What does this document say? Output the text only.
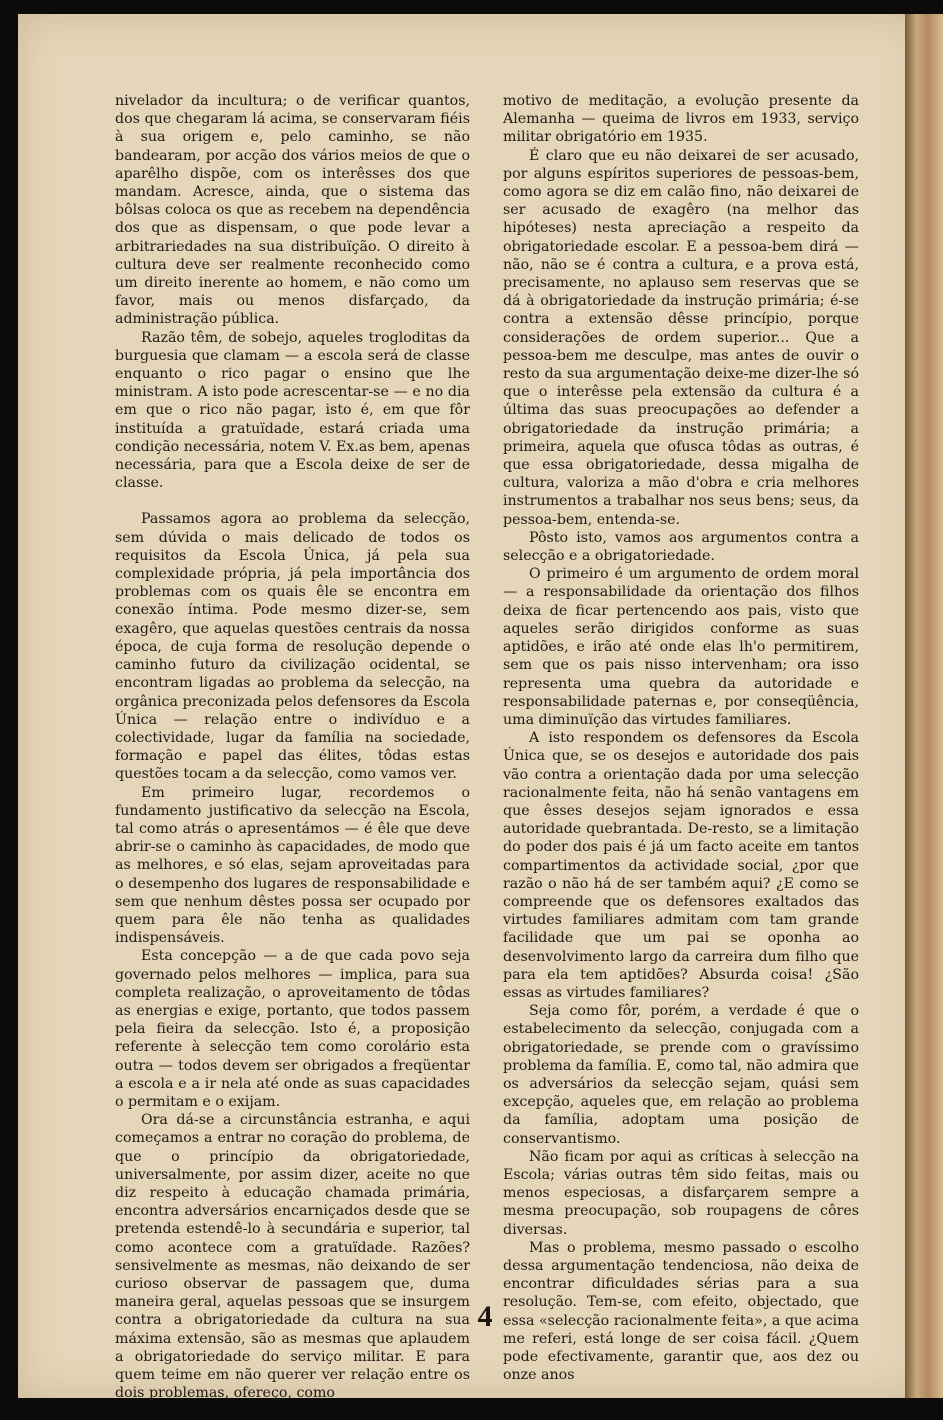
nivelador da incultura; o de verificar quantos, dos que chegaram lá acima, se conservaram fiéis à sua origem e, pelo caminho, se não bandearam, por acção dos vários meios de que o aparêlho dispõe, com os interêsses dos que mandam. Acresce, ainda, que o sistema das bôlsas coloca os que as recebem na dependência dos que as dispensam, o que pode levar a arbitrariedades na sua distribuïção. O direito à cultura deve ser realmente reconhecido como um direito inerente ao homem, e não como um favor, mais ou menos disfarçado, da administração pública.

Razão têm, de sobejo, aqueles trogloditas da burguesia que clamam — a escola será de classe enquanto o rico pagar o ensino que lhe ministram. A isto pode acrescentar-se — e no dia em que o rico não pagar, isto é, em que fôr instituída a gratuïdade, estará criada uma condição necessária, notem V. Ex.as bem, apenas necessária, para que a Escola deixe de ser de classe.

Passamos agora ao problema da selecção, sem dúvida o mais delicado de todos os requisitos da Escola Única, já pela sua complexidade própria, já pela importância dos problemas com os quais êle se encontra em conexão íntima. Pode mesmo dizer-se, sem exagêro, que aquelas questões centrais da nossa época, de cuja forma de resolução depende o caminho futuro da civilização ocidental, se encontram ligadas ao problema da selecção, na orgânica preconizada pelos defensores da Escola Única — relação entre o indivíduo e a colectividade, lugar da família na sociedade, formação e papel das élites, tôdas estas questões tocam a da selecção, como vamos ver.

Em primeiro lugar, recordemos o fundamento justificativo da selecção na Escola, tal como atrás o apresentámos — é êle que deve abrir-se o caminho às capacidades, de modo que as melhores, e só elas, sejam aproveitadas para o desempenho dos lugares de responsabilidade e sem que nenhum dêstes possa ser ocupado por quem para êle não tenha as qualidades indispensáveis.

Esta concepção — a de que cada povo seja governado pelos melhores — implica, para sua completa realização, o aproveitamento de tôdas as energias e exige, portanto, que todos passem pela fieira da selecção. Isto é, a proposição referente à selecção tem como corolário esta outra — todos devem ser obrigados a freqüentar a escola e a ir nela até onde as suas capacidades o permitam e o exijam.

Ora dá-se a circunstância estranha, e aqui começamos a entrar no coração do problema, de que o princípio da obrigatoriedade, universalmente, por assim dizer, aceite no que diz respeito à educação chamada primária, encontra adversários encarniçados desde que se pretenda estendê-lo à secundária e superior, tal como acontece com a gratuïdade. Razões? sensivelmente as mesmas, não deixando de ser curioso observar de passagem que, duma maneira geral, aquelas pessoas que se insurgem contra a obrigatoriedade da cultura na sua máxima extensão, são as mesmas que aplaudem a obrigatoriedade do serviço militar. E para quem teime em não querer ver relação entre os dois problemas, ofereço, como

motivo de meditação, a evolução presente da Alemanha — queima de livros em 1933, serviço militar obrigatório em 1935.

É claro que eu não deixarei de ser acusado, por alguns espíritos superiores de pessoas-bem, como agora se diz em calão fino, não deixarei de ser acusado de exagêro (na melhor das hipóteses) nesta apreciação a respeito da obrigatoriedade escolar. E a pessoa-bem dirá — não, não se é contra a cultura, e a prova está, precisamente, no aplauso sem reservas que se dá à obrigatoriedade da instrução primária; é-se contra a extensão dêsse princípio, porque considerações de ordem superior... Que a pessoa-bem me desculpe, mas antes de ouvir o resto da sua argumentação deixe-me dizer-lhe só que o interêsse pela extensão da cultura é a última das suas preocupações ao defender a obrigatoriedade da instrução primária; a primeira, aquela que ofusca tôdas as outras, é que essa obrigatoriedade, dessa migalha de cultura, valoriza a mão d'obra e cria melhores instrumentos a trabalhar nos seus bens; seus, da pessoa-bem, entenda-se.

Pôsto isto, vamos aos argumentos contra a selecção e a obrigatoriedade.

O primeiro é um argumento de ordem moral — a responsabilidade da orientação dos filhos deixa de ficar pertencendo aos pais, visto que aqueles serão dirigidos conforme as suas aptidões, e irão até onde elas lh'o permitirem, sem que os pais nisso intervenham; ora isso representa uma quebra da autoridade e responsabilidade paternas e, por conseqüência, uma diminuïção das virtudes familiares.

A isto respondem os defensores da Escola Única que, se os desejos e autoridade dos pais vão contra a orientação dada por uma selecção racionalmente feita, não há senão vantagens em que êsses desejos sejam ignorados e essa autoridade quebrantada. De-resto, se a limitação do poder dos pais é já um facto aceite em tantos compartimentos da actividade social, ¿por que razão o não há de ser também aqui? ¿E como se compreende que os defensores exaltados das virtudes familiares admitam com tam grande facilidade que um pai se oponha ao desenvolvimento largo da carreira dum filho que para ela tem aptidões? Absurda coisa! ¿São essas as virtudes familiares?

Seja como fôr, porém, a verdade é que o estabelecimento da selecção, conjugada com a obrigatoriedade, se prende com o gravíssimo problema da família. E, como tal, não admira que os adversários da selecção sejam, quási sem excepção, aqueles que, em relação ao problema da família, adoptam uma posição de conservantismo.

Não ficam por aqui as críticas à selecção na Escola; várias outras têm sido feitas, mais ou menos especiosas, a disfarçarem sempre a mesma preocupação, sob roupagens de côres diversas.

Mas o problema, mesmo passado o escolho dessa argumentação tendenciosa, não deixa de encontrar dificuldades sérias para a sua resolução. Tem-se, com efeito, objectado, que essa «selecção racionalmente feita», a que acima me referi, está longe de ser coisa fácil. ¿Quem pode efectivamente, garantir que, aos dez ou onze anos

4
